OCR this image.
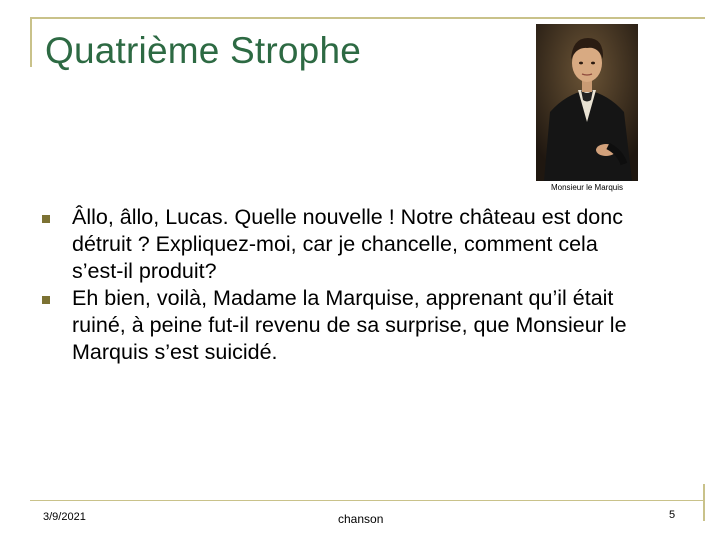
Quatrième Strophe
Monsieur le Marquis
Âllo, âllo, Lucas. Quelle nouvelle ! Notre château est donc détruit ? Expliquez-moi, car je chancelle, comment cela s’est-il produit?
Eh bien, voilà, Madame la Marquise, apprenant qu’il était ruiné, à peine fut-il revenu de sa surprise, que Monsieur le Marquis s’est suicidé.
3/9/2021	chanson	5
